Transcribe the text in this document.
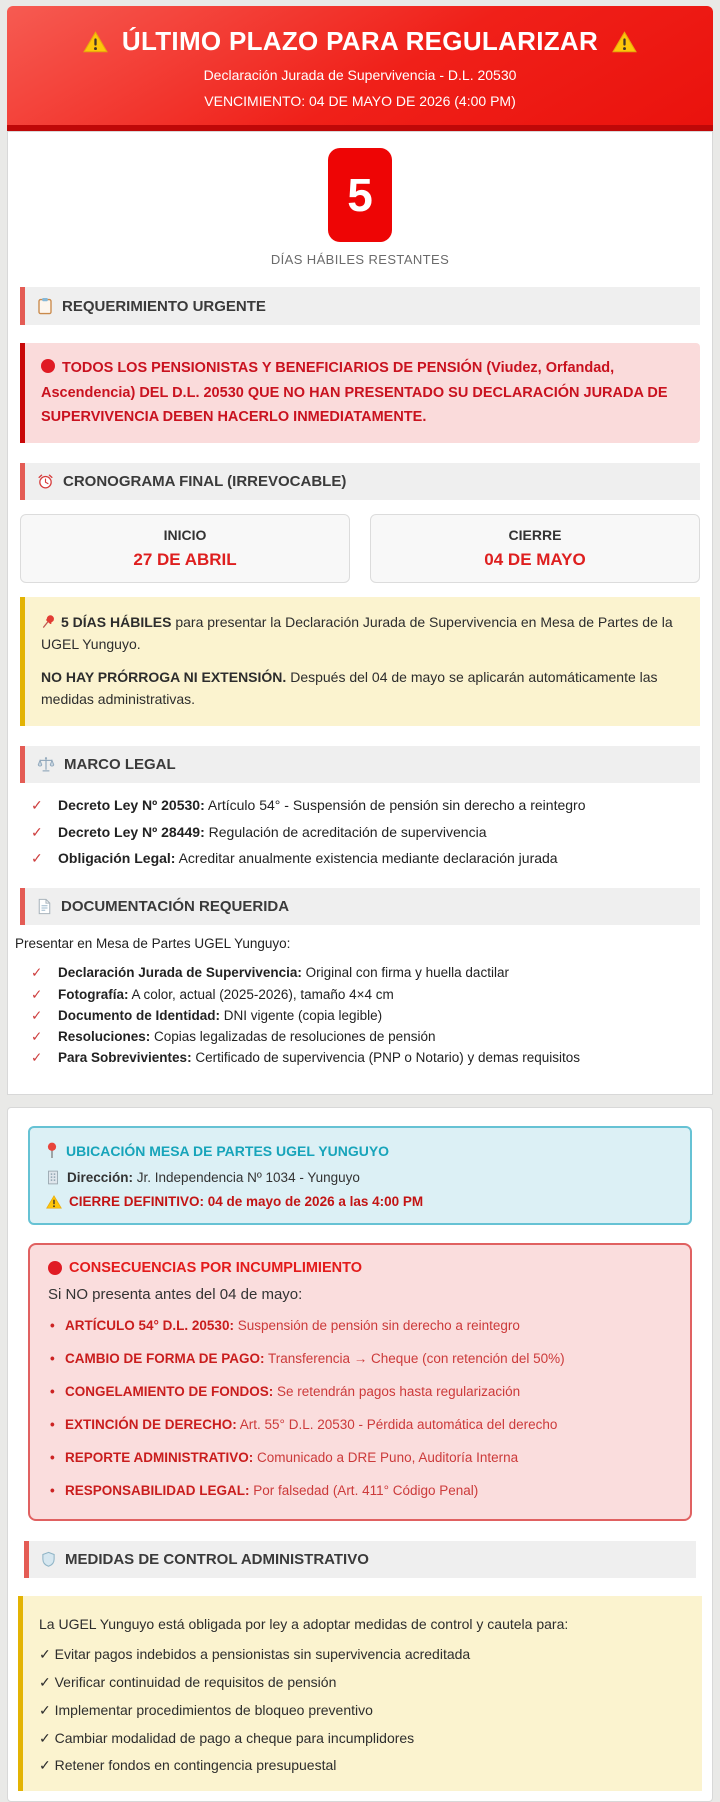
ÚLTIMO PLAZO PARA REGULARIZAR

Declaración Jurada de Supervivencia - D.L. 20530

VENCIMIENTO: 04 DE MAYO DE 2026 (4:00 PM)

5
DÍAS HÁBILES RESTANTES
REQUERIMIENTO URGENTE
TODOS LOS PENSIONISTAS Y BENEFICIARIOS DE PENSIÓN (Viudez, Orfandad, Ascendencia) DEL D.L. 20530 QUE NO HAN PRESENTADO SU DECLARACIÓN JURADA DE SUPERVIVENCIA DEBEN HACERLO INMEDIATAMENTE.
CRONOGRAMA FINAL (IRREVOCABLE)
INICIO
27 DE ABRIL
CIERRE
04 DE MAYO

5 DÍAS HÁBILES para presentar la Declaración Jurada de Supervivencia en Mesa de Partes de la UGEL Yunguyo.

NO HAY PRÓRROGA NI EXTENSIÓN. Después del 04 de mayo se aplicarán automáticamente las medidas administrativas.

MARCO LEGAL
✓ Decreto Ley Nº 20530: Artículo 54° - Suspensión de pensión sin derecho a reintegro
✓ Decreto Ley Nº 28449: Regulación de acreditación de supervivencia
✓ Obligación Legal: Acreditar anualmente existencia mediante declaración jurada
DOCUMENTACIÓN REQUERIDA

Presentar en Mesa de Partes UGEL Yunguyo:

✓ Declaración Jurada de Supervivencia: Original con firma y huella dactilar
✓ Fotografía: A color, actual (2025-2026), tamaño 4×4 cm
✓ Documento de Identidad: DNI vigente (copia legible)
✓ Resoluciones: Copias legalizadas de resoluciones de pensión
✓ Para Sobrevivientes: Certificado de supervivencia (PNP o Notario) y demas requisitos
UBICACIÓN MESA DE PARTES UGEL YUNGUYO
Dirección: Jr. Independencia Nº 1034 - Yunguyo
CIERRE DEFINITIVO: 04 de mayo de 2026 a las 4:00 PM
CONSECUENCIAS POR INCUMPLIMIENTO

Si NO presenta antes del 04 de mayo:

• ARTÍCULO 54° D.L. 20530: Suspensión de pensión sin derecho a reintegro
• CAMBIO DE FORMA DE PAGO: Transferencia → Cheque (con retención del 50%)
• CONGELAMIENTO DE FONDOS: Se retendrán pagos hasta regularización
• EXTINCIÓN DE DERECHO: Art. 55° D.L. 20530 - Pérdida automática del derecho
• REPORTE ADMINISTRATIVO: Comunicado a DRE Puno, Auditoría Interna
• RESPONSABILIDAD LEGAL: Por falsedad (Art. 411° Código Penal)
MEDIDAS DE CONTROL ADMINISTRATIVO

La UGEL Yunguyo está obligada por ley a adoptar medidas de control y cautela para:

✓ Evitar pagos indebidos a pensionistas sin supervivencia acreditada
✓ Verificar continuidad de requisitos de pensión
✓ Implementar procedimientos de bloqueo preventivo
✓ Cambiar modalidad de pago a cheque para incumplidores
✓ Retener fondos en contingencia presupuestal
